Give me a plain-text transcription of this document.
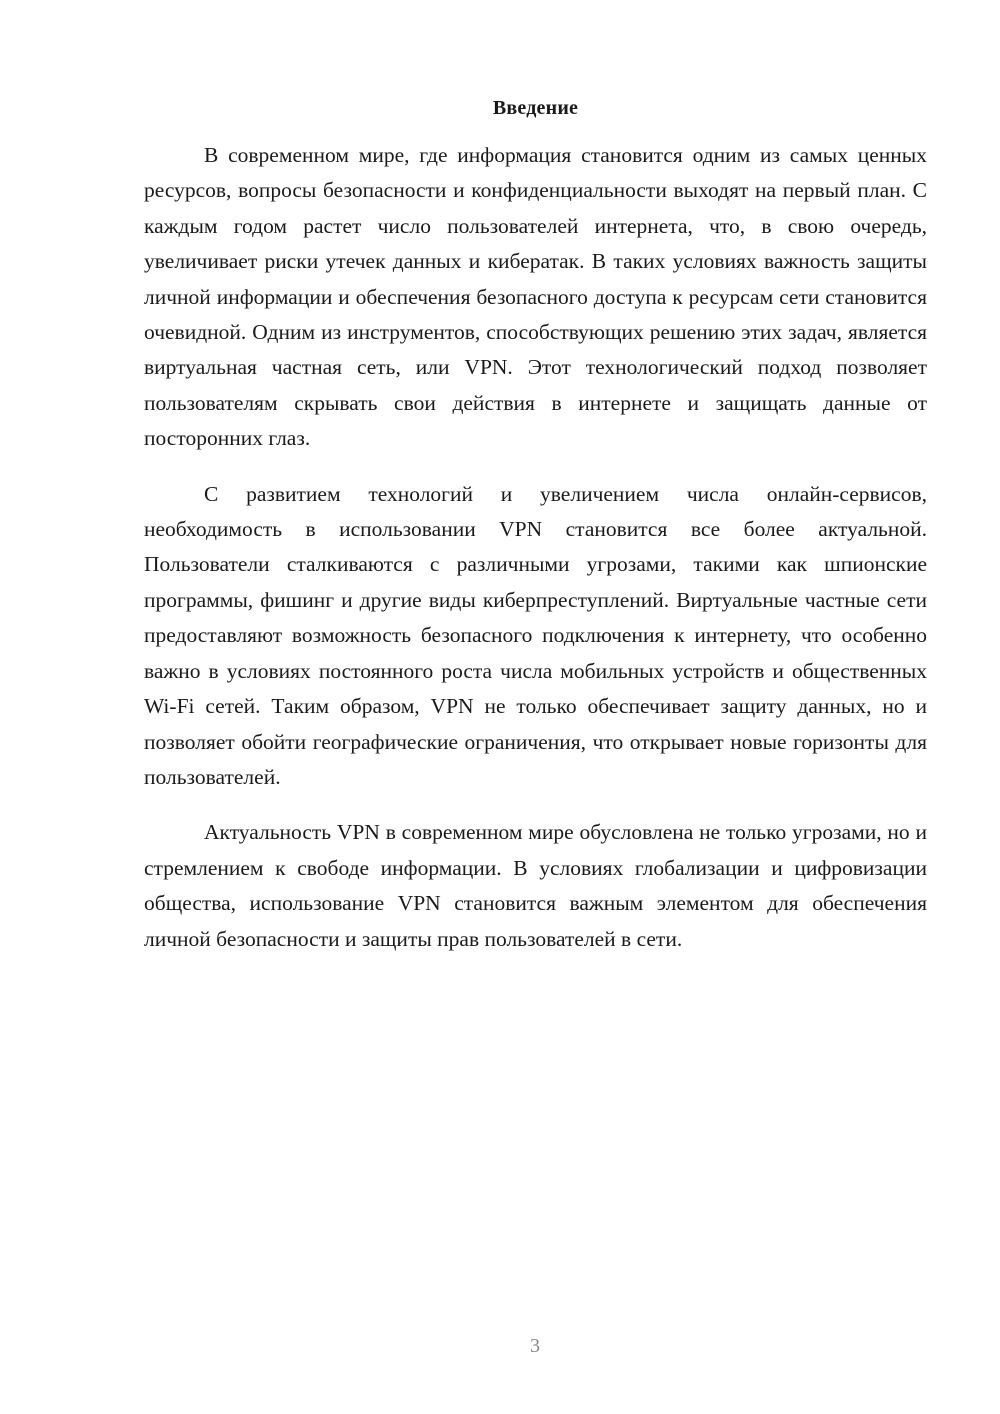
Введение

В современном мире, где информация становится одним из самых ценных ресурсов, вопросы безопасности и конфиденциальности выходят на первый план. С каждым годом растет число пользователей интернета, что, в свою очередь, увеличивает риски утечек данных и кибератак. В таких условиях важность защиты личной информации и обеспечения безопасного доступа к ресурсам сети становится очевидной. Одним из инструментов, способствующих решению этих задач, является виртуальная частная сеть, или VPN. Этот технологический подход позволяет пользователям скрывать свои действия в интернете и защищать данные от посторонних глаз.

С развитием технологий и увеличением числа онлайн-сервисов, необходимость в использовании VPN становится все более актуальной. Пользователи сталкиваются с различными угрозами, такими как шпионские программы, фишинг и другие виды киберпреступлений. Виртуальные частные сети предоставляют возможность безопасного подключения к интернету, что особенно важно в условиях постоянного роста числа мобильных устройств и общественных Wi-Fi сетей. Таким образом, VPN не только обеспечивает защиту данных, но и позволяет обойти географические ограничения, что открывает новые горизонты для пользователей.

Актуальность VPN в современном мире обусловлена не только угрозами, но и стремлением к свободе информации. В условиях глобализации и цифровизации общества, использование VPN становится важным элементом для обеспечения личной безопасности и защиты прав пользователей в сети.

3
